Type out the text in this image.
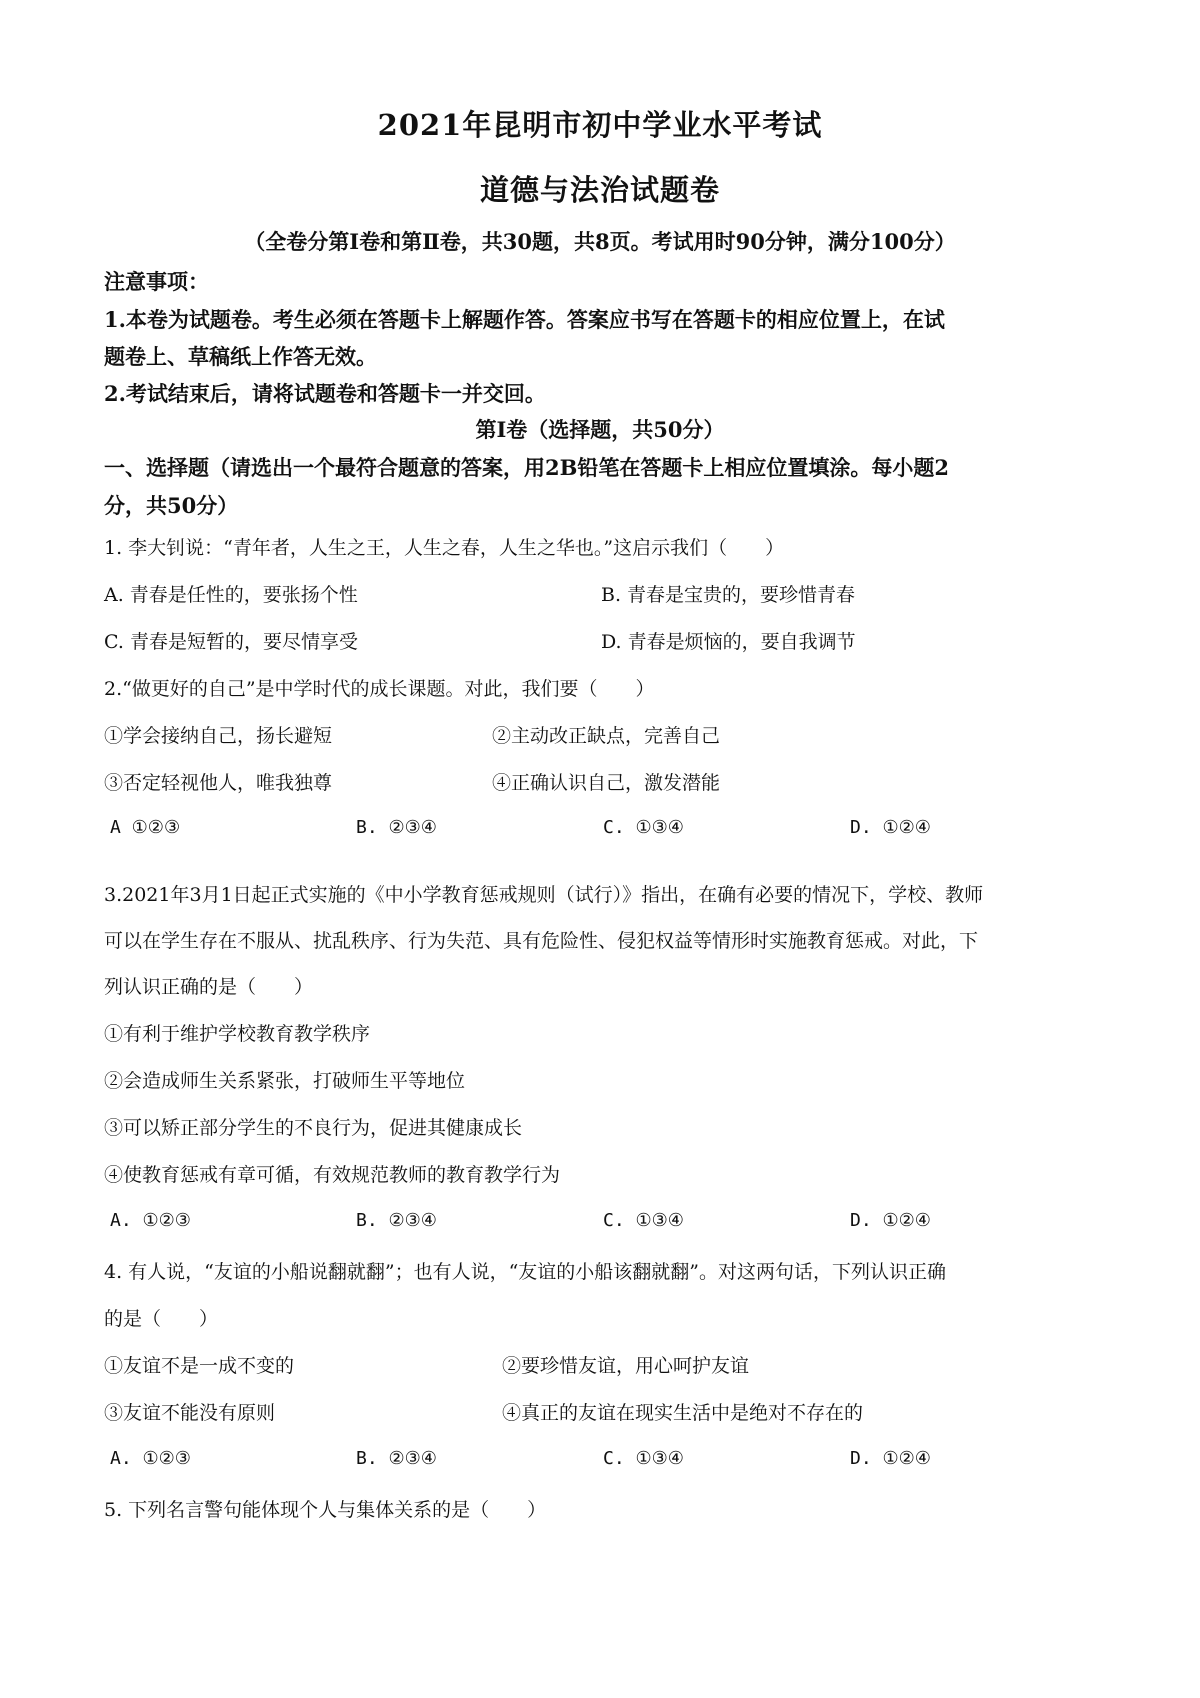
2021年昆明市初中学业水平考试
道德与法治试题卷
（全卷分第Ⅰ卷和第Ⅱ卷，共30题，共8页。考试用时90分钟，满分100分）
注意事项：
1.本卷为试题卷。考生必须在答题卡上解题作答。答案应书写在答题卡的相应位置上，在试
题卷上、草稿纸上作答无效。
2.考试结束后，请将试题卷和答题卡一并交回。
第Ⅰ卷（选择题，共50分）
一、选择题（请选出一个最符合题意的答案，用2B铅笔在答题卡上相应位置填涂。每小题2
分，共50分）
1. 李大钊说：“青年者，人生之王，人生之春，人生之华也。”这启示我们（　　）
A. 青春是任性的，要张扬个性	B. 青春是宝贵的，要珍惜青春
C. 青春是短暂的，要尽情享受	D. 青春是烦恼的，要自我调节
2.“做更好的自己”是中学时代的成长课题。对此，我们要（　　）
①学会接纳自己，扬长避短	②主动改正缺点，完善自己
③否定轻视他人，唯我独尊	④正确认识自己，激发潜能
A ①②③	B. ②③④	C. ①③④	D. ①②④
3.2021年3月1日起正式实施的《中小学教育惩戒规则（试行）》指出，在确有必要的情况下，学校、教师
可以在学生存在不服从、扰乱秩序、行为失范、具有危险性、侵犯权益等情形时实施教育惩戒。对此，下
列认识正确的是（　　）
①有利于维护学校教育教学秩序
②会造成师生关系紧张，打破师生平等地位
③可以矫正部分学生的不良行为，促进其健康成长
④使教育惩戒有章可循，有效规范教师的教育教学行为
A. ①②③	B. ②③④	C. ①③④	D. ①②④
4. 有人说，“友谊的小船说翻就翻”；也有人说，“友谊的小船该翻就翻”。对这两句话，下列认识正确
的是（　　）
①友谊不是一成不变的	②要珍惜友谊，用心呵护友谊
③友谊不能没有原则	④真正的友谊在现实生活中是绝对不存在的
A. ①②③	B. ②③④	C. ①③④	D. ①②④
5. 下列名言警句能体现个人与集体关系的是（　　）
